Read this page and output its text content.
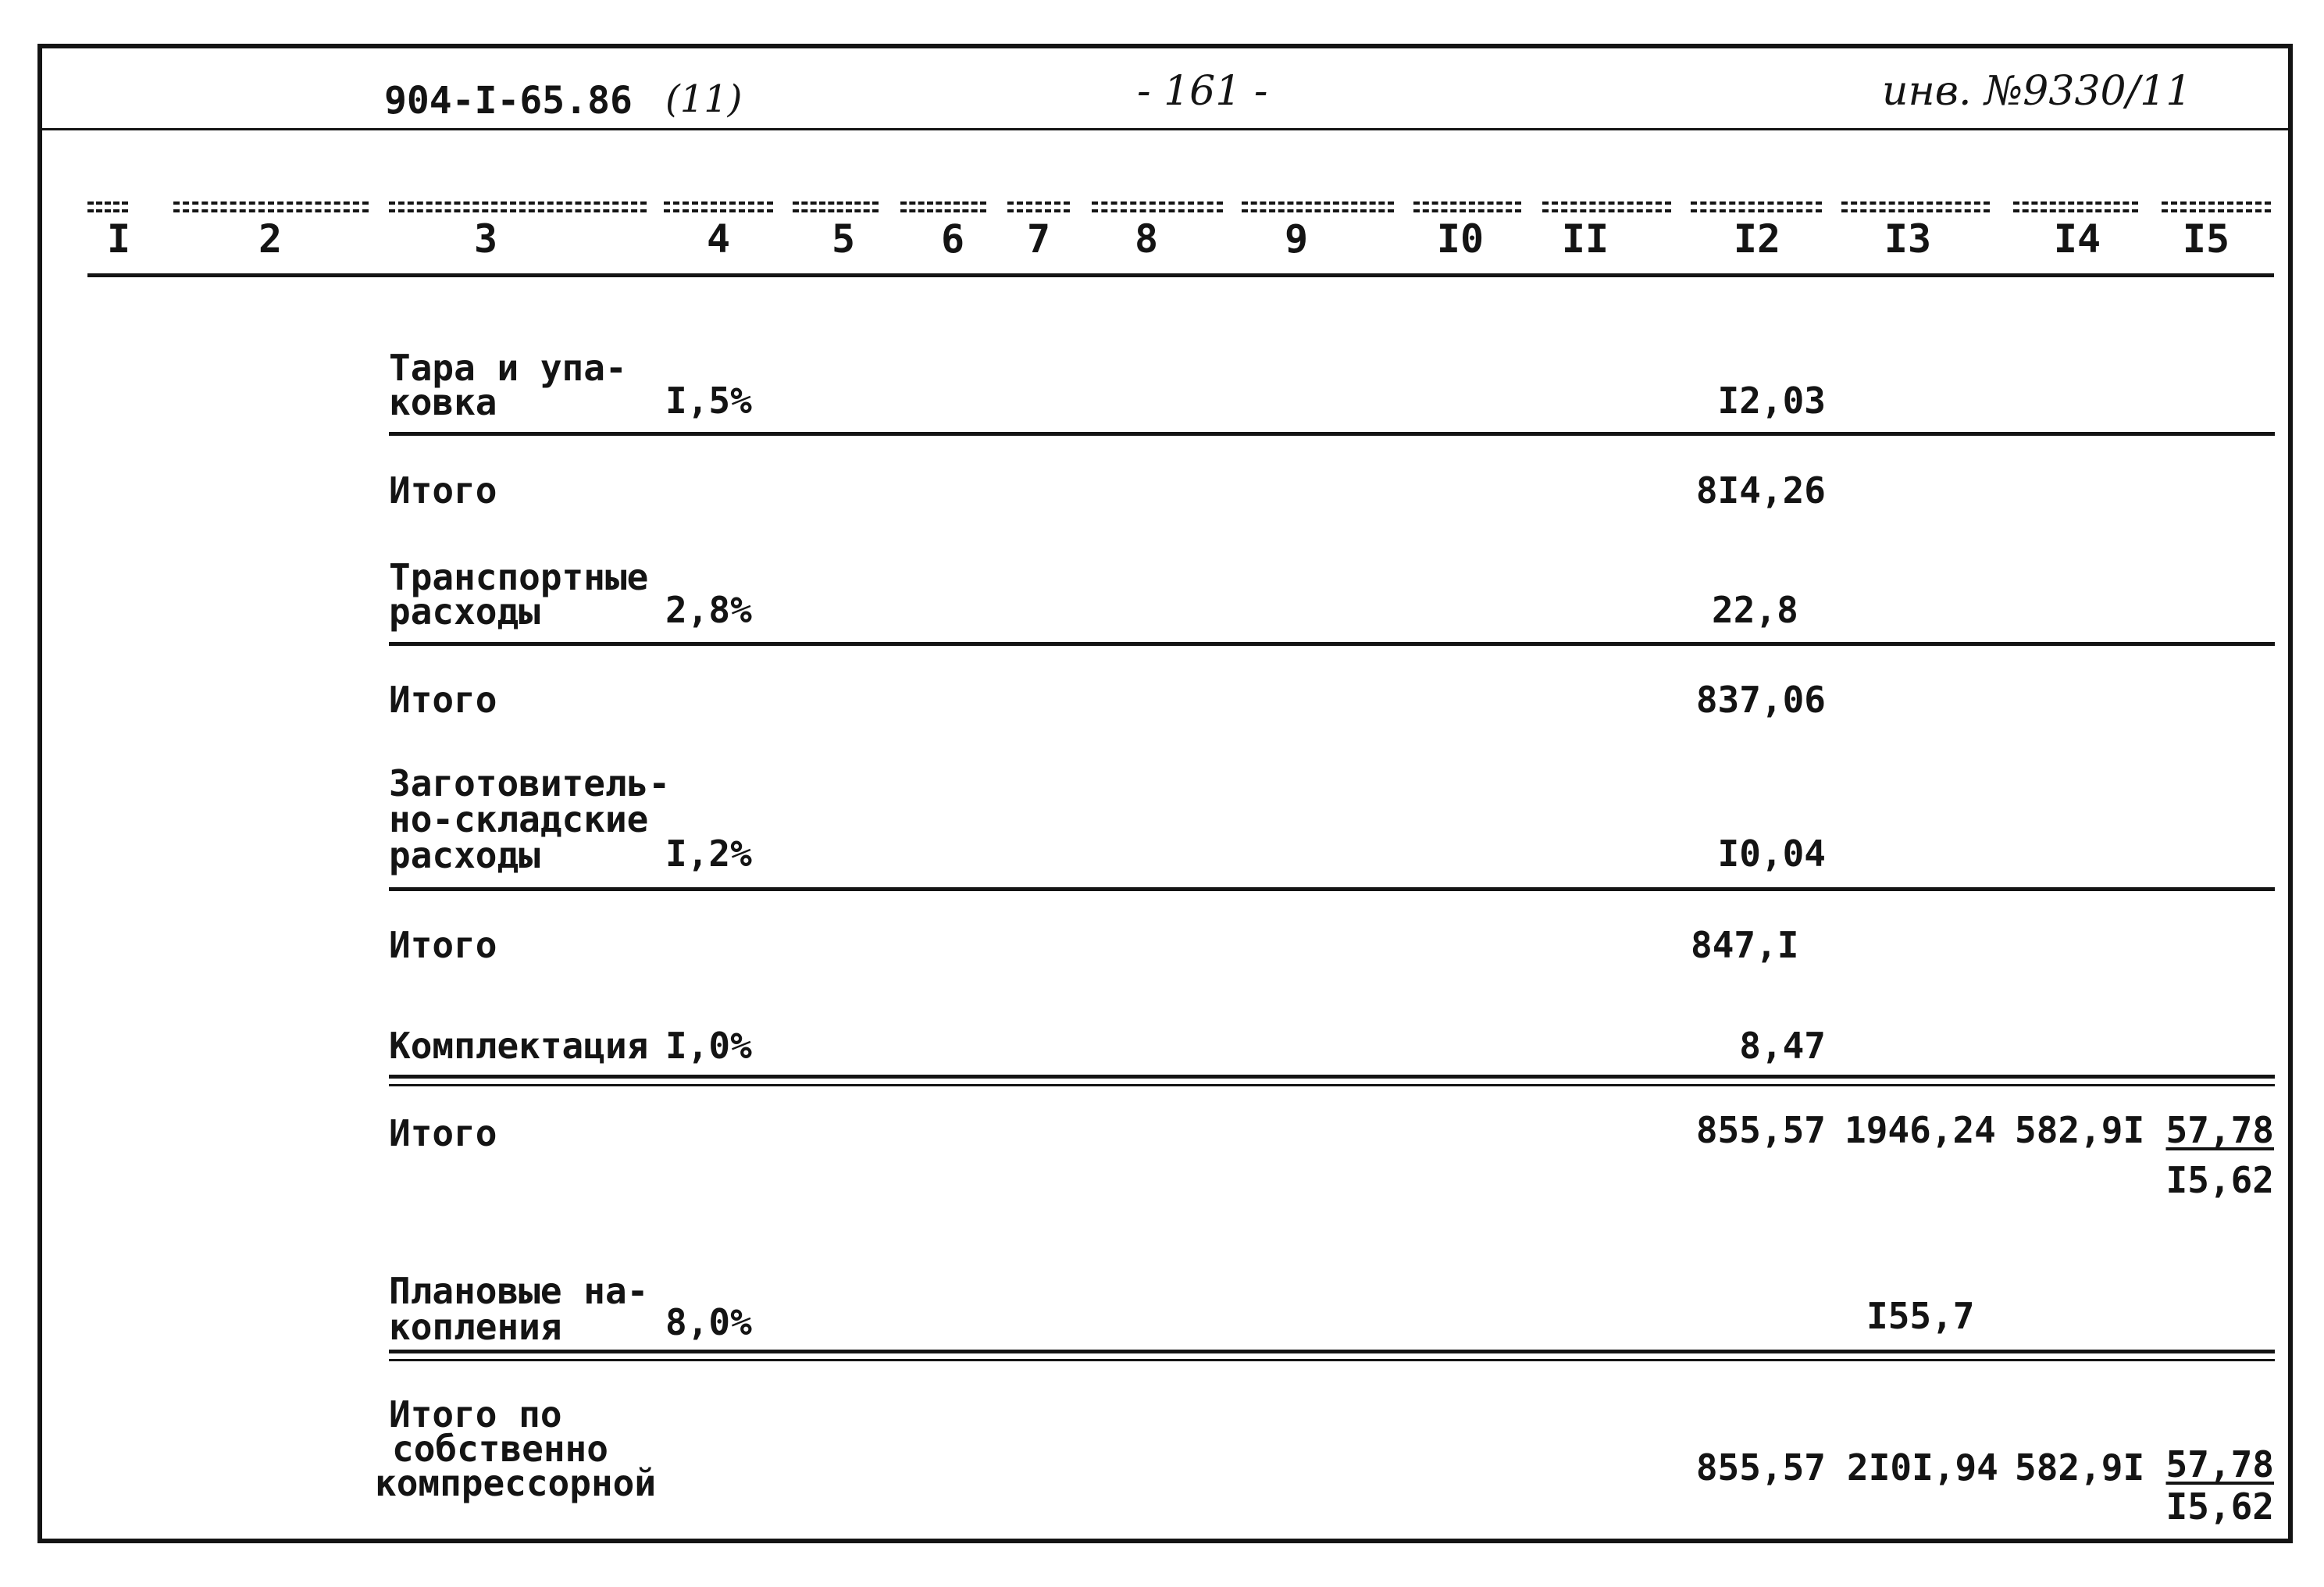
904-I-65.86 (11)	- 161 -	инв. №9330/11
I	2	3	4	5	6	7	8	9	I0	II	I2	I3	I4	I5
Тара и упа-
ковка	I,5%	I2,03
Итого	8I4,26
Транспортные
расходы	2,8%	22,8
Итого	837,06
Заготовитель-
но-складские
расходы	I,2%	I0,04
Итого	847,I
Комплектация I,0%	8,47
Итого	855,57 1946,24 582,9I 57,78
I5,62
Плановые на-
копления	8,0%	I55,7
Итого по
собственно
компрессорной	855,57 2I0I,94 582,9I 57,78
I5,62
